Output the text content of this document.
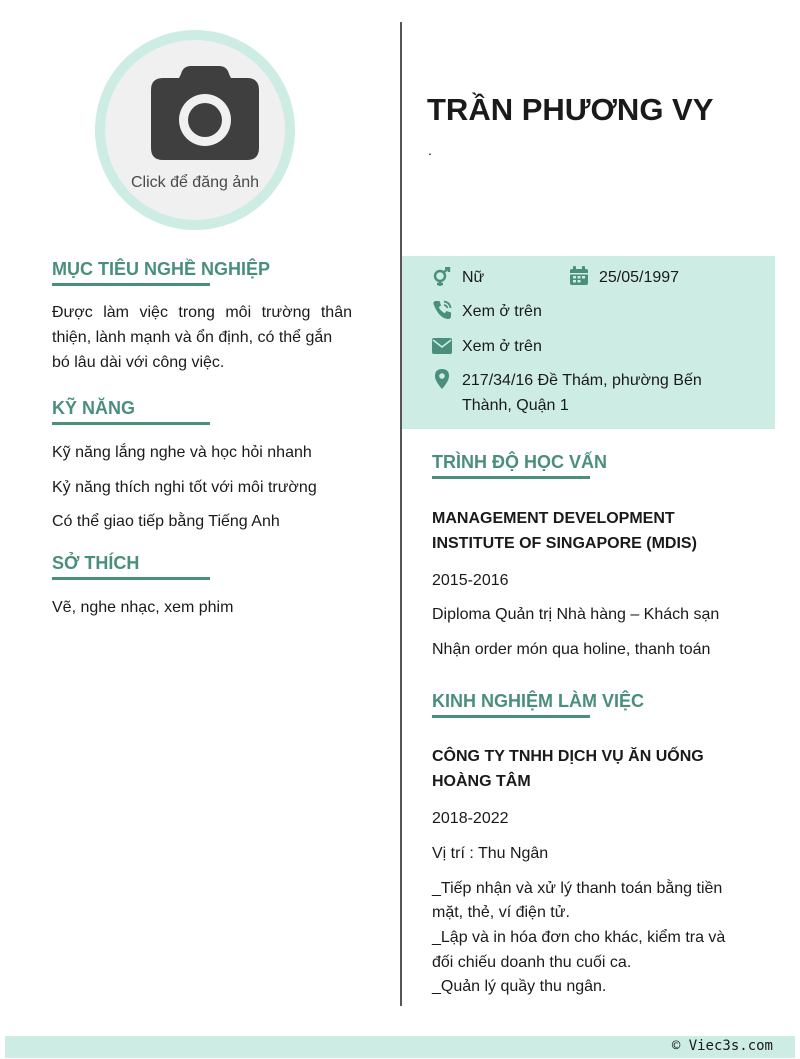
Click để đăng ảnh
MỤC TIÊU NGHỀ NGHIỆP
Được làm việc trong môi trường thân
thiện, lành mạnh và ổn định, có thể gắn
bó lâu dài với công việc.
KỸ NĂNG
Kỹ năng lắng nghe và học hỏi nhanh
Kỷ năng thích nghi tốt với môi trường
Có thể giao tiếp bằng Tiếng Anh
SỞ THÍCH
Vẽ, nghe nhạc, xem phim
TRẦN PHƯƠNG VY
.
Nữ	25/05/1997
Xem ở trên
Xem ở trên
217/34/16 Đề Thám, phường Bến
Thành, Quận 1
TRÌNH ĐỘ HỌC VẤN
MANAGEMENT DEVELOPMENT
INSTITUTE OF SINGAPORE (MDIS)
2015-2016
Diploma Quản trị Nhà hàng – Khách sạn
Nhận order món qua holine, thanh toán
KINH NGHIỆM LÀM VIỆC
CÔNG TY TNHH DỊCH VỤ ĂN UỐNG
HOÀNG TÂM
2018-2022
Vị trí : Thu Ngân
_Tiếp nhận và xử lý thanh toán bằng tiền
mặt, thẻ, ví điện tử.
_Lập và in hóa đơn cho khác, kiểm tra và
đối chiếu doanh thu cuối ca.
_Quản lý quầy thu ngân.
© Viec3s.com
